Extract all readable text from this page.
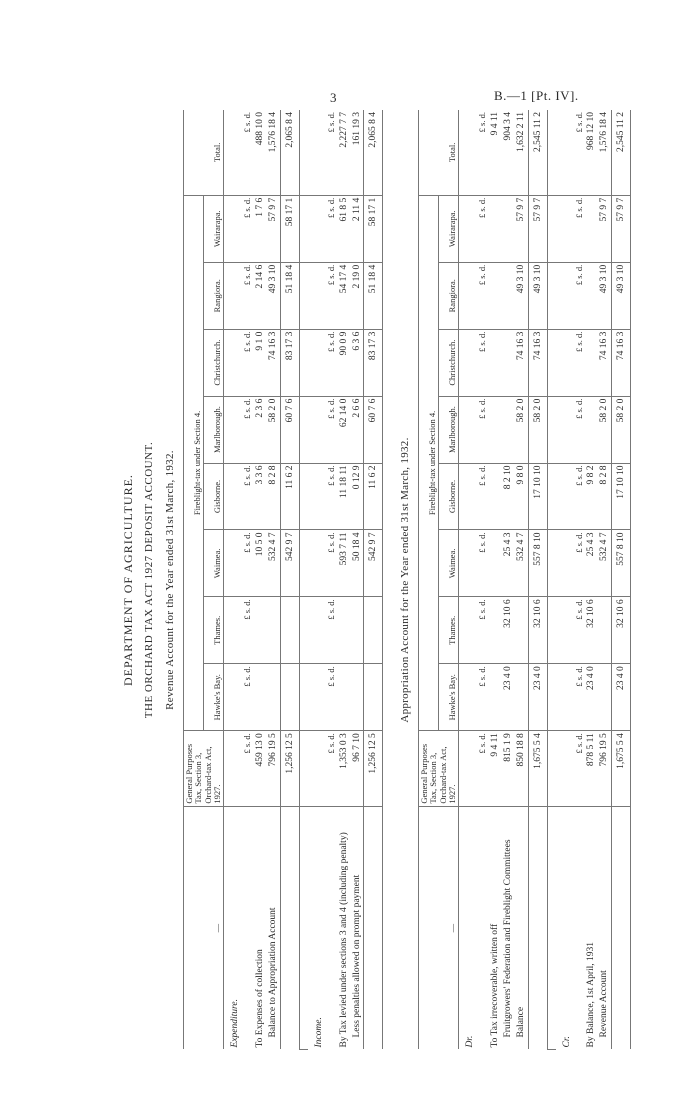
3	B.—1 [Pt. IV].
DEPARTMENT OF AGRICULTURE. THE ORCHARD TAX ACT 1927 DEPOSIT ACCOUNT. Revenue Account for the Year ended 31st March, 1932.
—	General Purposes Tax, Section 3, Orchard-tax Act, 1927.	Fireblight-tax under Section 4.								Total.
		Hawke's Bay.	Thames.	Waimea.	Gisborne.	Marlborough.	Christchurch.	Rangiora.	Wairarapa.	
Expenditure.										
	£ s. d.	£ s. d.	£ s. d.	£ s. d.	£ s. d.	£ s. d.	£ s. d.	£ s. d.	£ s. d.	£ s. d.
To Expenses of collection	459 13 0			10 5 0	3 3 6	2 3 6	9 1 0	2 14 6	1 7 6	488 10 0
Balance to Appropriation Account	796 19 5			532 4 7	8 2 8	58 2 0	74 16 3	49 3 10	57 9 7	1,576 18 4
	1,256 12 5			542 9 7	11 6 2	60 7 6	83 17 3	51 18 4	58 17 1	2,065 8 4

Income.										
	£ s. d.	£ s. d.	£ s. d.	£ s. d.	£ s. d.	£ s. d.	£ s. d.	£ s. d.	£ s. d.	£ s. d.
By Tax levied under sections 3 and 4 (including penalty)	1,353 0 3			593 7 11	11 18 11	62 14 0	90 0 9	54 17 4	61 8 5	2,227 7 7
Less penalties allowed on prompt payment	96 7 10			50 18 4	0 12 9	2 6 6	6 3 6	2 19 0	2 11 4	161 19 3
	1,256 12 5			542 9 7	11 6 2	60 7 6	83 17 3	51 18 4	58 17 1	2,065 8 4
Appropriation Account for the Year ended 31st March, 1932.
—	General Purposes Tax, Section 3, Orchard-tax Act, 1927.	Fireblight-tax under Section 4.								Total.
		Hawke's Bay.	Thames.	Waimea.	Gisborne.	Marlborough.	Christchurch.	Rangiora.	Wairarapa.	
Dr.										
	£ s. d.	£ s. d.	£ s. d.	£ s. d.	£ s. d.	£ s. d.	£ s. d.	£ s. d.	£ s. d.	£ s. d.
To Tax irrecoverable, written off	9 4 11									9 4 11
Fruitgrowers' Federation and Fireblight Committees	815 1 9	23 4 0	32 10 6	25 4 3	8 2 10					904 3 4
Balance	850 18 8			532 4 7	9 8 0	58 2 0	74 16 3	49 3 10	57 9 7	1,632 2 11
	1,675 5 4	23 4 0	32 10 6	557 8 10	17 10 10	58 2 0	74 16 3	49 3 10	57 9 7	2,545 11 2

Cr.										
	£ s. d.	£ s. d.	£ s. d.	£ s. d.	£ s. d.	£ s. d.	£ s. d.	£ s. d.	£ s. d.	£ s. d.
By Balance, 1st April, 1931	878 5 11	23 4 0	32 10 6	25 4 3	9 8 2					968 12 10
Revenue Account	796 19 5			532 4 7	8 2 8	58 2 0	74 16 3	49 3 10	57 9 7	1,576 18 4
	1,675 5 4	23 4 0	32 10 6	557 8 10	17 10 10	58 2 0	74 16 3	49 3 10	57 9 7	2,545 11 2
